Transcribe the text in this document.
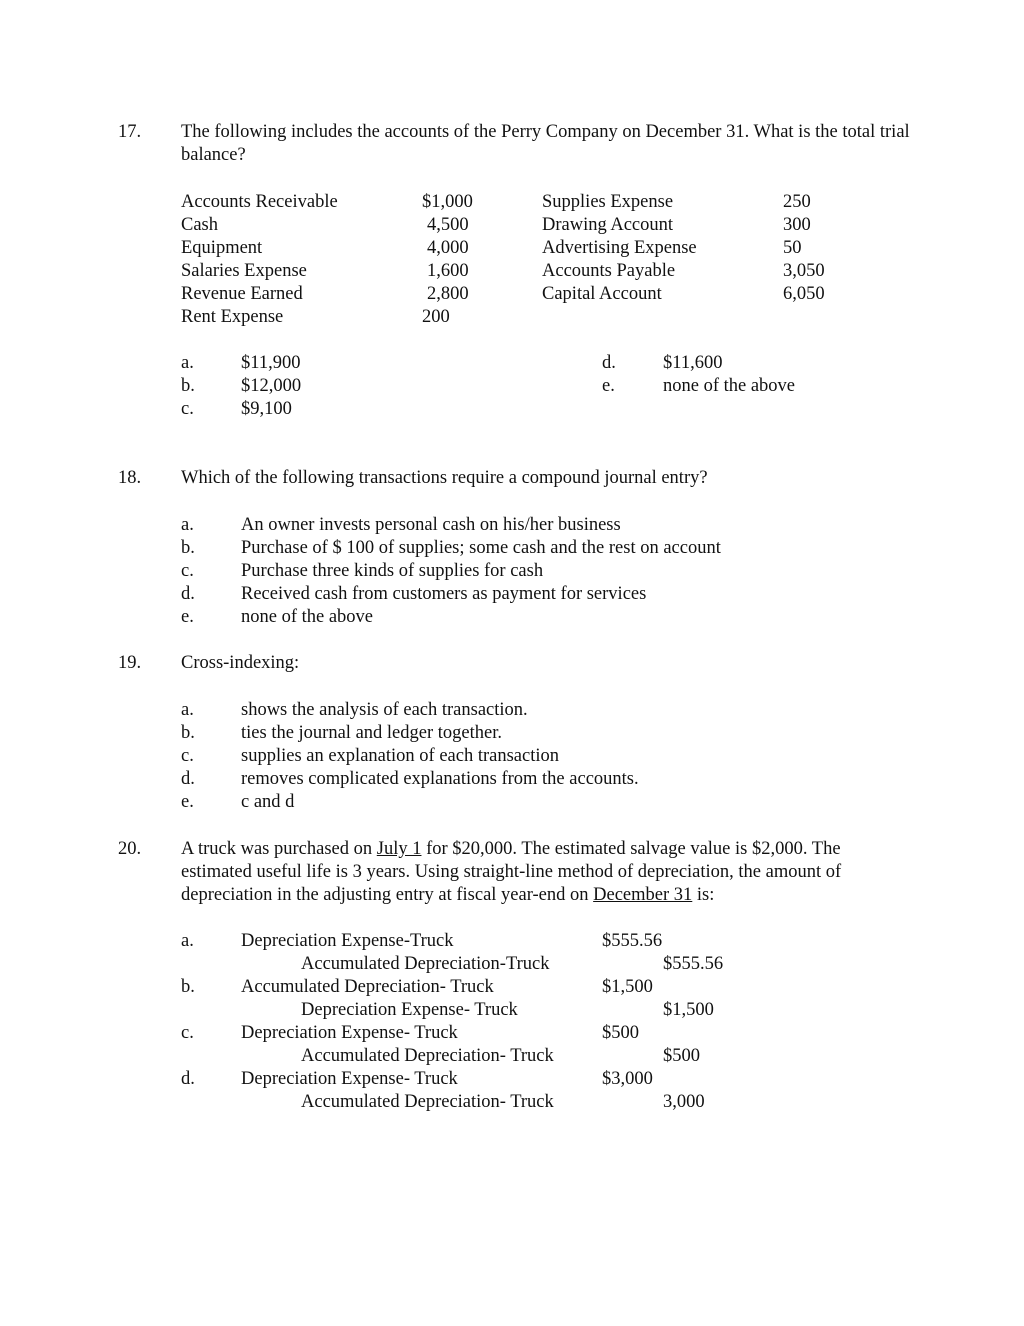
17. The following includes the accounts of the Perry Company on December 31. What is the total trial balance?
Accounts Receivable	$1,000
Cash	4,500
Equipment	4,000
Salaries Expense	1,600
Revenue Earned	2,800
Rent Expense	200
Supplies Expense	250
Drawing Account	300
Advertising Expense	50
Accounts Payable	3,050
Capital Account	6,050
a.	$11,900
b. $12,000
c.	$9,100
d.	$11,600
e.	none of the above
18. Which of the following transactions require a compound journal entry?
a.	An owner invests personal cash on his/her business
b. Purchase of $ 100 of supplies; some cash and the rest on account
c.	Purchase three kinds of supplies for cash
d. Received cash from customers as payment for services
e.	none of the above
19. Cross-indexing:
a.	shows the analysis of each transaction.
b. ties the journal and ledger together.
c.	supplies an explanation of each transaction
d. removes complicated explanations from the accounts.
e.	c and d
20. A truck was purchased on July 1 for $20,000. The estimated salvage value is $2,000. The estimated useful life is 3 years. Using straight-line method of depreciation, the amount of depreciation in the adjusting entry at fiscal year-end on December 31 is:
a.	Depreciation Expense-Truck	$555.56
Accumulated Depreciation-Truck	$555.56
b. Accumulated Depreciation- Truck	$1,500
Depreciation Expense- Truck	$1,500
c.	Depreciation Expense- Truck	$500
Accumulated Depreciation- Truck	$500
d. Depreciation Expense- Truck	$3,000
Accumulated Depreciation- Truck	3,000
